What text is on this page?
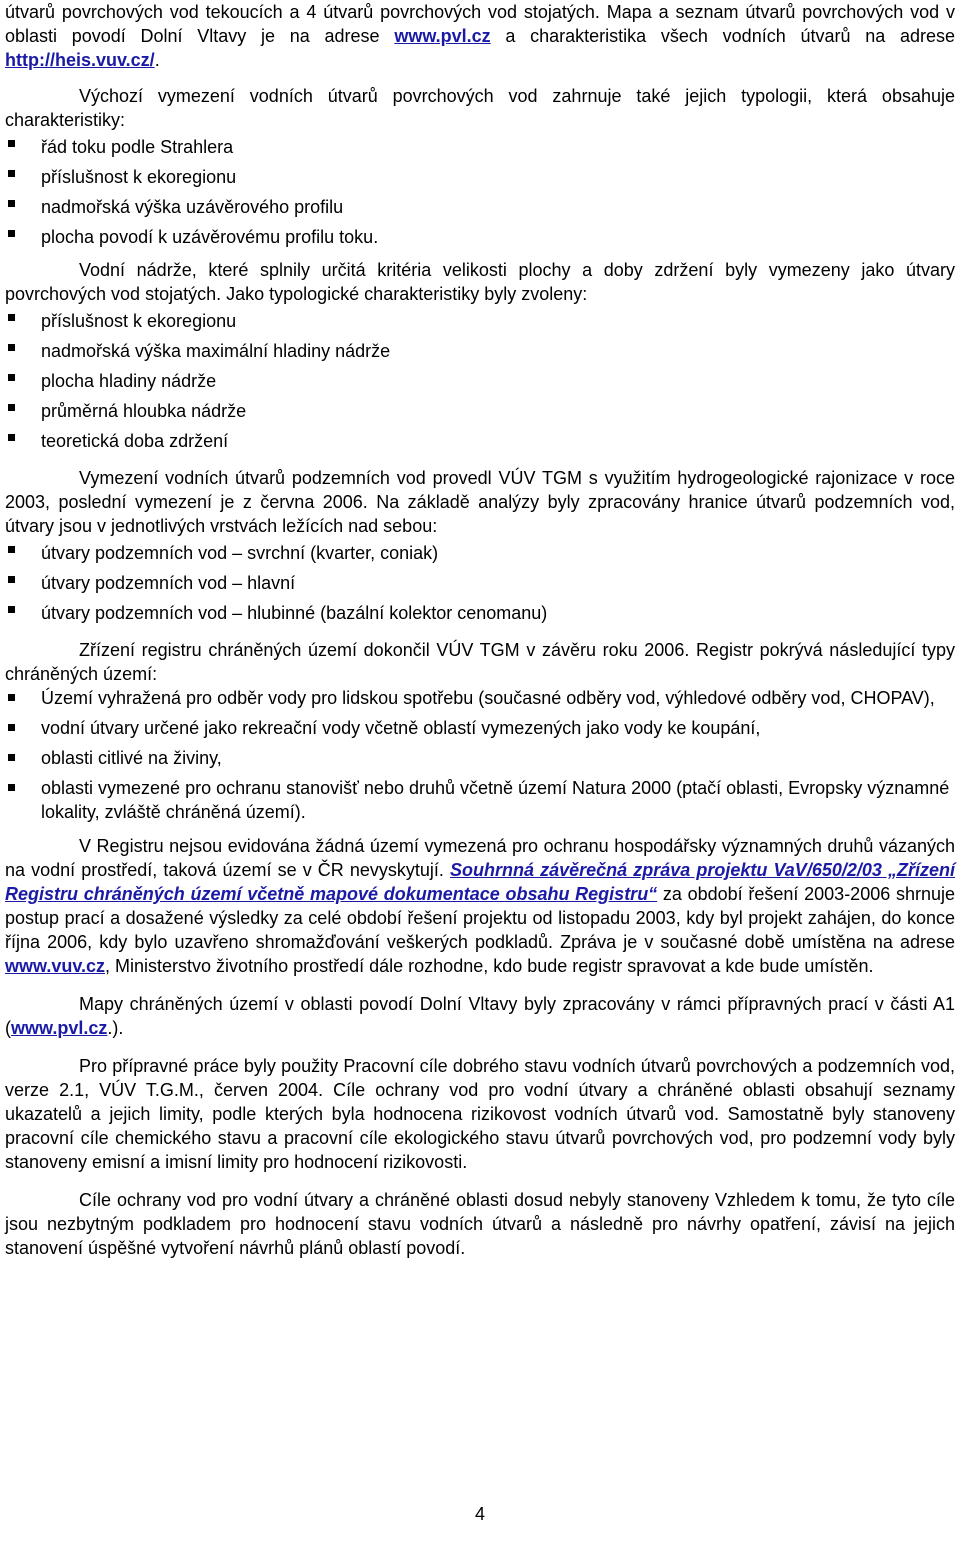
útvarů povrchových vod tekoucích a 4 útvarů povrchových vod stojatých. Mapa a seznam útvarů povrchových vod v oblasti povodí Dolní Vltavy je na adrese www.pvl.cz a charakteristika všech vodních útvarů na adrese http://heis.vuv.cz/.

Výchozí vymezení vodních útvarů povrchových vod zahrnuje také jejich typologii, která obsahuje charakteristiky:

řád toku podle Strahlera
příslušnost k ekoregionu
nadmořská výška uzávěrového profilu
plocha povodí k uzávěrovému profilu toku.

Vodní nádrže, které splnily určitá kritéria velikosti plochy a doby zdržení byly vymezeny jako útvary povrchových vod stojatých. Jako typologické charakteristiky byly zvoleny:

příslušnost k ekoregionu
nadmořská výška maximální hladiny nádrže
plocha hladiny nádrže
průměrná hloubka nádrže
teoretická doba zdržení

Vymezení vodních útvarů podzemních vod provedl VÚV TGM s využitím hydrogeologické rajonizace v roce 2003, poslední vymezení je z června 2006. Na základě analýzy byly zpracovány hranice útvarů podzemních vod, útvary jsou v jednotlivých vrstvách ležících nad sebou:

útvary podzemních vod – svrchní (kvarter, coniak)
útvary podzemních vod – hlavní
útvary podzemních vod – hlubinné (bazální kolektor cenomanu)

Zřízení registru chráněných území dokončil VÚV TGM v závěru roku 2006. Registr pokrývá následující typy chráněných území:

Území vyhražená pro odběr vody pro lidskou spotřebu (současné odběry vod, výhledové odběry vod, CHOPAV),
vodní útvary určené jako rekreační vody včetně oblastí vymezených jako vody ke koupání,
oblasti citlivé na živiny,
oblasti vymezené pro ochranu stanovišť nebo druhů včetně území Natura 2000 (ptačí oblasti, Evropsky významné lokality, zvláště chráněná území).

V Registru nejsou evidována žádná území vymezená pro ochranu hospodářsky významných druhů vázaných na vodní prostředí, taková území se v ČR nevyskytují. Souhrnná závěrečná zpráva projektu VaV/650/2/03 „Zřízení Registru chráněných území včetně mapové dokumentace obsahu Registru“ za období řešení 2003-2006 shrnuje postup prací a dosažené výsledky za celé období řešení projektu od listopadu 2003, kdy byl projekt zahájen, do konce října 2006, kdy bylo uzavřeno shromažďování veškerých podkladů. Zpráva je v současné době umístěna na adrese www.vuv.cz, Ministerstvo životního prostředí dále rozhodne, kdo bude registr spravovat a kde bude umístěn.

Mapy chráněných území v oblasti povodí Dolní Vltavy byly zpracovány v rámci přípravných prací v části A1 (www.pvl.cz.).

Pro přípravné práce byly použity Pracovní cíle dobrého stavu vodních útvarů povrchových a podzemních vod, verze 2.1, VÚV T.G.M., červen 2004. Cíle ochrany vod pro vodní útvary a chráněné oblasti obsahují seznamy ukazatelů a jejich limity, podle kterých byla hodnocena rizikovost vodních útvarů vod. Samostatně byly stanoveny pracovní cíle chemického stavu a pracovní cíle ekologického stavu útvarů povrchových vod, pro podzemní vody byly stanoveny emisní a imisní limity pro hodnocení rizikovosti.

Cíle ochrany vod pro vodní útvary a chráněné oblasti dosud nebyly stanoveny Vzhledem k tomu, že tyto cíle jsou nezbytným podkladem pro hodnocení stavu vodních útvarů a následně pro návrhy opatření, závisí na jejich stanovení úspěšné vytvoření návrhů plánů oblastí povodí.

4
